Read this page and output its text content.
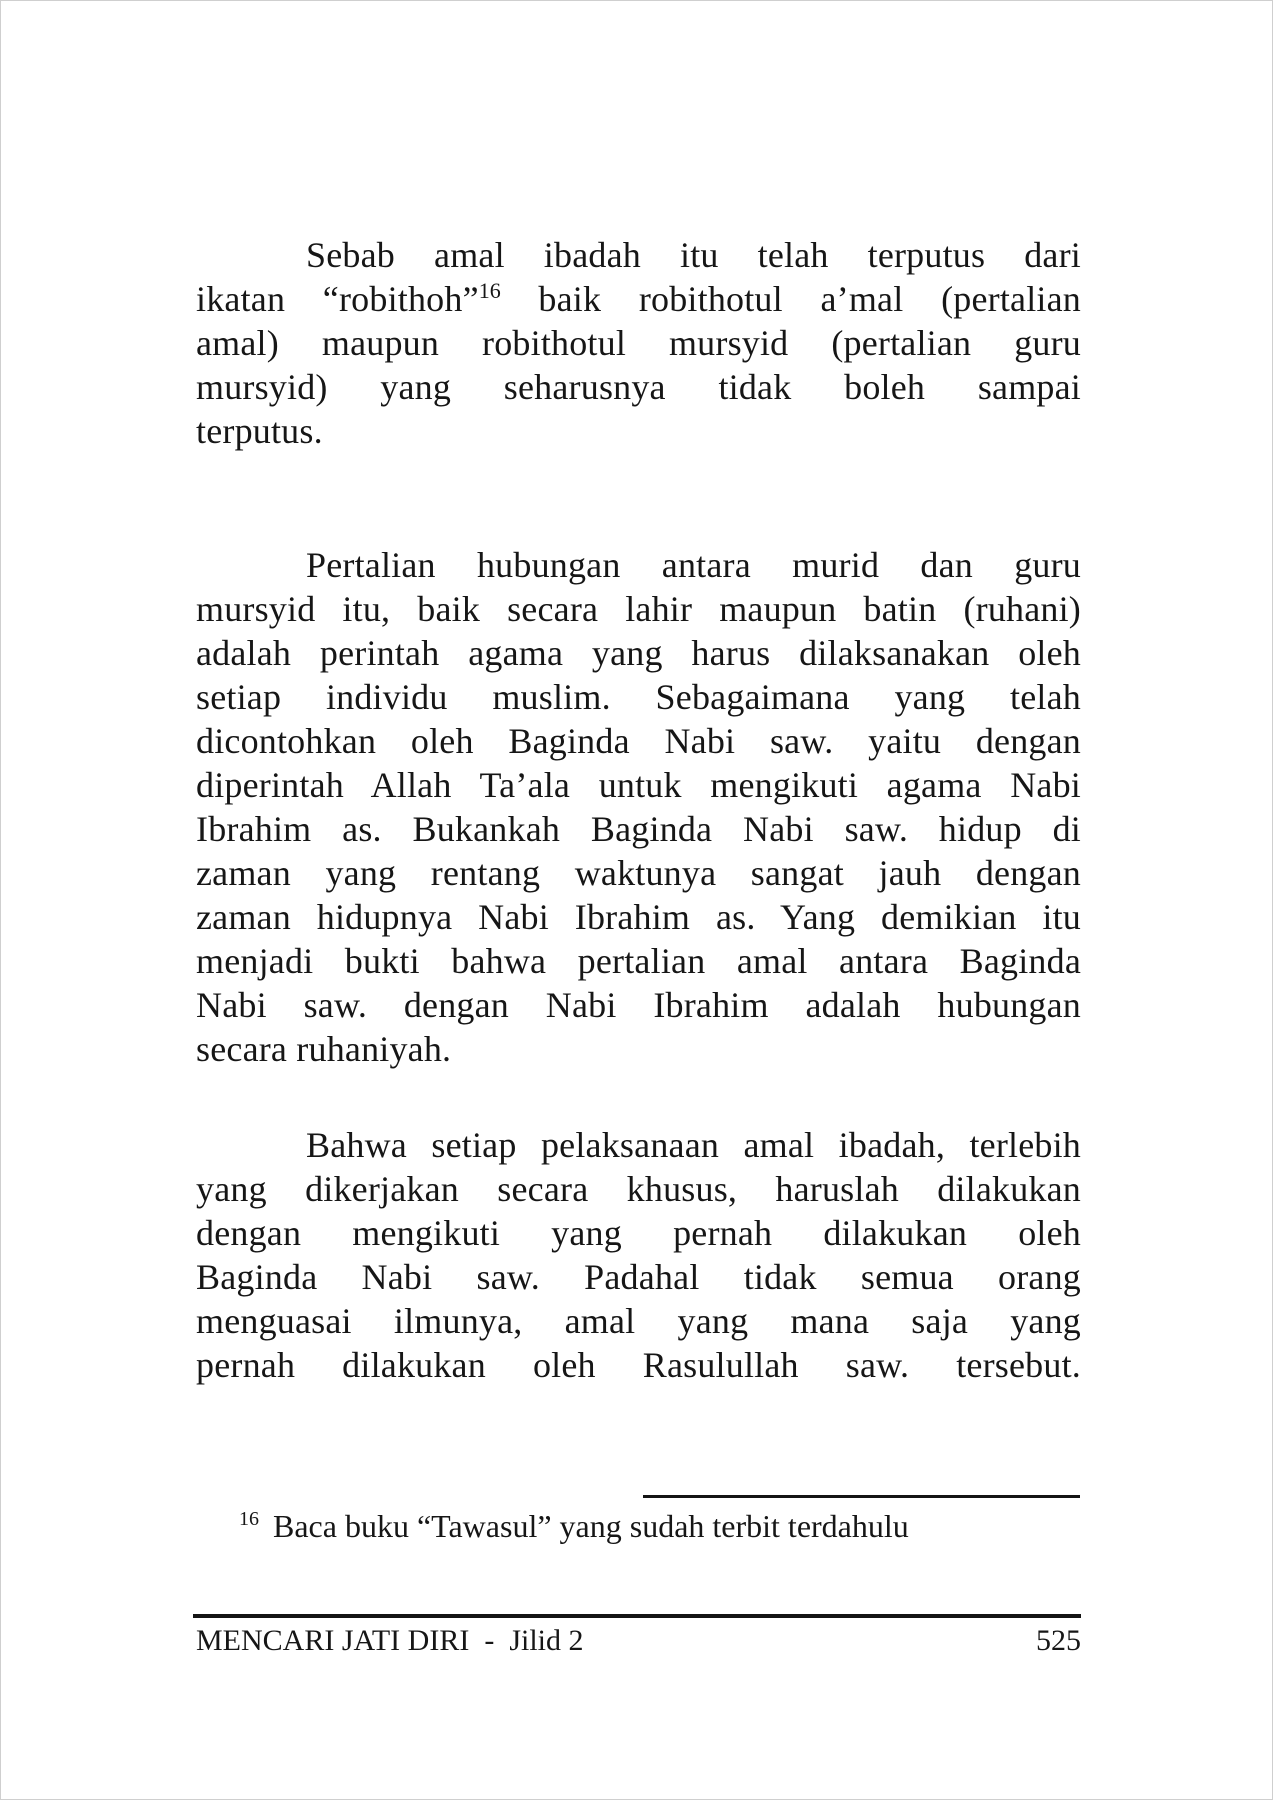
Sebab amal ibadah itu telah terputus dari
ikatan “robithoh”$^{16}$ baik robithotul a’mal (pertalian
amal) maupun robithotul mursyid (pertalian guru
mursyid) yang seharusnya tidak boleh sampai
terputus.
Pertalian hubungan antara murid dan guru
mursyid itu, baik secara lahir maupun batin (ruhani)
adalah perintah agama yang harus dilaksanakan oleh
setiap individu muslim. Sebagaimana yang telah
dicontohkan oleh Baginda Nabi saw. yaitu dengan
diperintah Allah Ta’ala untuk mengikuti agama Nabi
Ibrahim as. Bukankah Baginda Nabi saw. hidup di
zaman yang rentang waktunya sangat jauh dengan
zaman hidupnya Nabi Ibrahim as. Yang demikian itu
menjadi bukti bahwa pertalian amal antara Baginda
Nabi saw. dengan Nabi Ibrahim adalah hubungan
secara ruhaniyah.
Bahwa setiap pelaksanaan amal ibadah, terlebih
yang dikerjakan secara khusus, haruslah dilakukan
dengan mengikuti yang pernah dilakukan oleh
Baginda Nabi saw. Padahal tidak semua orang
menguasai ilmunya, amal yang mana saja yang
pernah dilakukan oleh Rasulullah saw. tersebut.
$^{16}$ Baca buku “Tawasul” yang sudah terbit terdahulu
MENCARI JATI DIRI  -  Jilid 2	525
